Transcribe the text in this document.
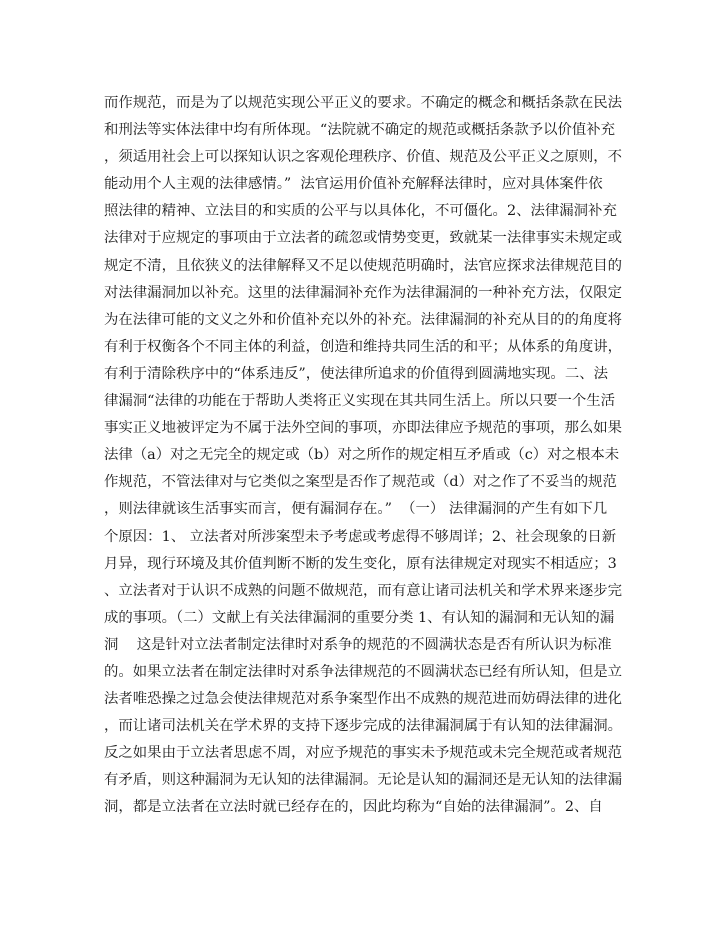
而作规范，而是为了以规范实现公平正义的要求。不确定的概念和概括条款在民法
和刑法等实体法律中均有所体现。“法院就不确定的规范或概括条款予以价值补充
，须适用社会上可以探知认识之客观伦理秩序、价值、规范及公平正义之原则，不
能动用个人主观的法律感情。”  法官运用价值补充解释法律时，应对具体案件依
照法律的精神、立法目的和实质的公平与以具体化，不可僵化。2、法律漏洞补充
法律对于应规定的事项由于立法者的疏忽或情势变更，致就某一法律事实未规定或
规定不清，且依狭义的法律解释又不足以使规范明确时，法官应探求法律规范目的
对法律漏洞加以补充。这里的法律漏洞补充作为法律漏洞的一种补充方法，仅限定
为在法律可能的文义之外和价值补充以外的补充。法律漏洞的补充从目的的角度将
有利于权衡各个不同主体的利益，创造和维持共同生活的和平；从体系的角度讲，
有利于清除秩序中的“体系违反”，使法律所追求的价值得到圆满地实现。二、法
律漏洞“法律的功能在于帮助人类将正义实现在其共同生活上。所以只要一个生活
事实正义地被评定为不属于法外空间的事项，亦即法律应予规范的事项，那么如果
法律（a）对之无完全的规定或（b）对之所作的规定相互矛盾或（c）对之根本未
作规范，不管法律对与它类似之案型是否作了规范或（d）对之作了不妥当的规范
，则法律就该生活事实而言，便有漏洞存在。”  （一） 法律漏洞的产生有如下几
个原因：1、 立法者对所涉案型未予考虑或考虑得不够周详；2、社会现象的日新
月异，现行环境及其价值判断不断的发生变化，原有法律规定对现实不相适应；3
、立法者对于认识不成熟的问题不做规范，而有意让诸司法机关和学术界来逐步完
成的事项。（二）文献上有关法律漏洞的重要分类 1、有认知的漏洞和无认知的漏
洞    这是针对立法者制定法律时对系争的规范的不圆满状态是否有所认识为标准
的。如果立法者在制定法律时对系争法律规范的不圆满状态已经有所认知，但是立
法者唯恐操之过急会使法律规范对系争案型作出不成熟的规范进而妨碍法律的进化
，而让诸司法机关在学术界的支持下逐步完成的法律漏洞属于有认知的法律漏洞。
反之如果由于立法者思虑不周，对应予规范的事实未予规范或未完全规范或者规范
有矛盾，则这种漏洞为无认知的法律漏洞。无论是认知的漏洞还是无认知的法律漏
洞，都是立法者在立法时就已经存在的，因此均称为“自始的法律漏洞”。2、自
